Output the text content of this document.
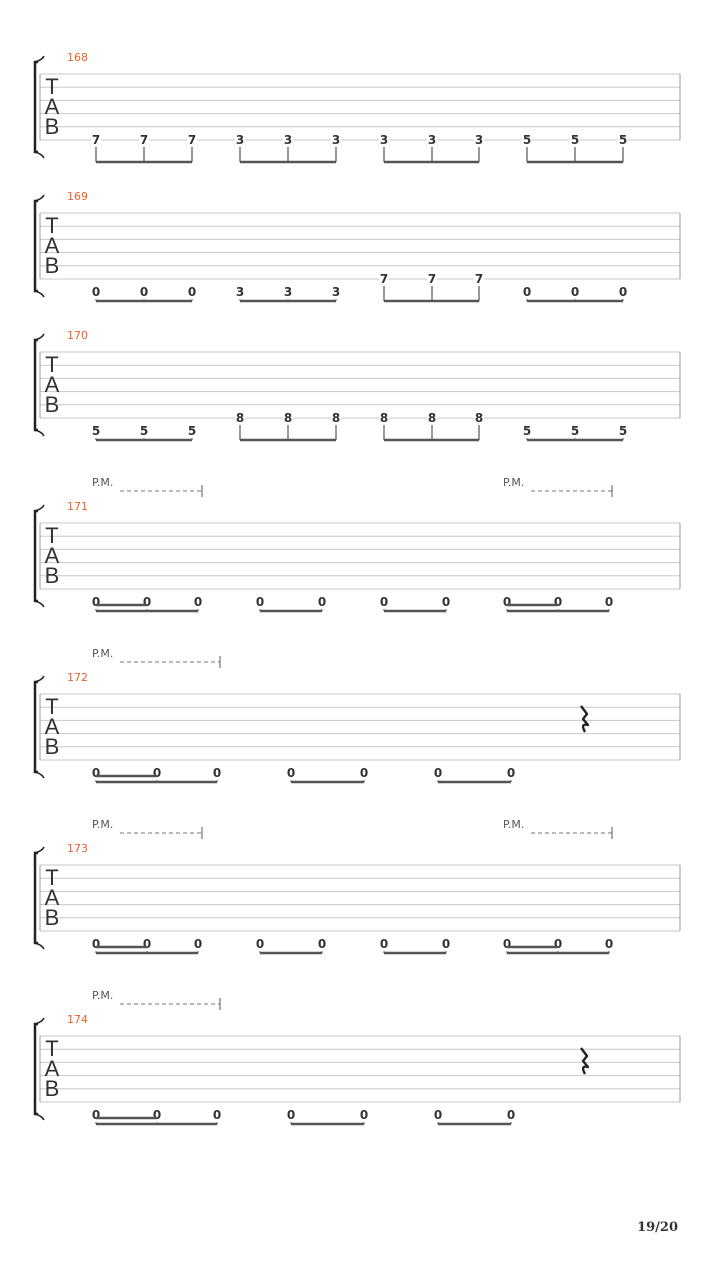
T
A
B
168
7	7	7	3	3	3	3	3	3	5	5	5
T
A
B
169
0	0	0	3	3	3
7	7	7
0	0	0
T
A
B
170
5	5	5
8	8	8	8	8	8
5	5	5
T
A
B
171
P.M.	P.M.
0	0	0	0	0	0	0	0	0	0
T
A
B
172
P.M.
0	0	0	0	0	0	0
T
A
B
173
P.M.	P.M.
0	0	0	0	0	0	0	0	0	0
T
A
B
174
P.M.
0	0	0	0	0	0	0
19/20
